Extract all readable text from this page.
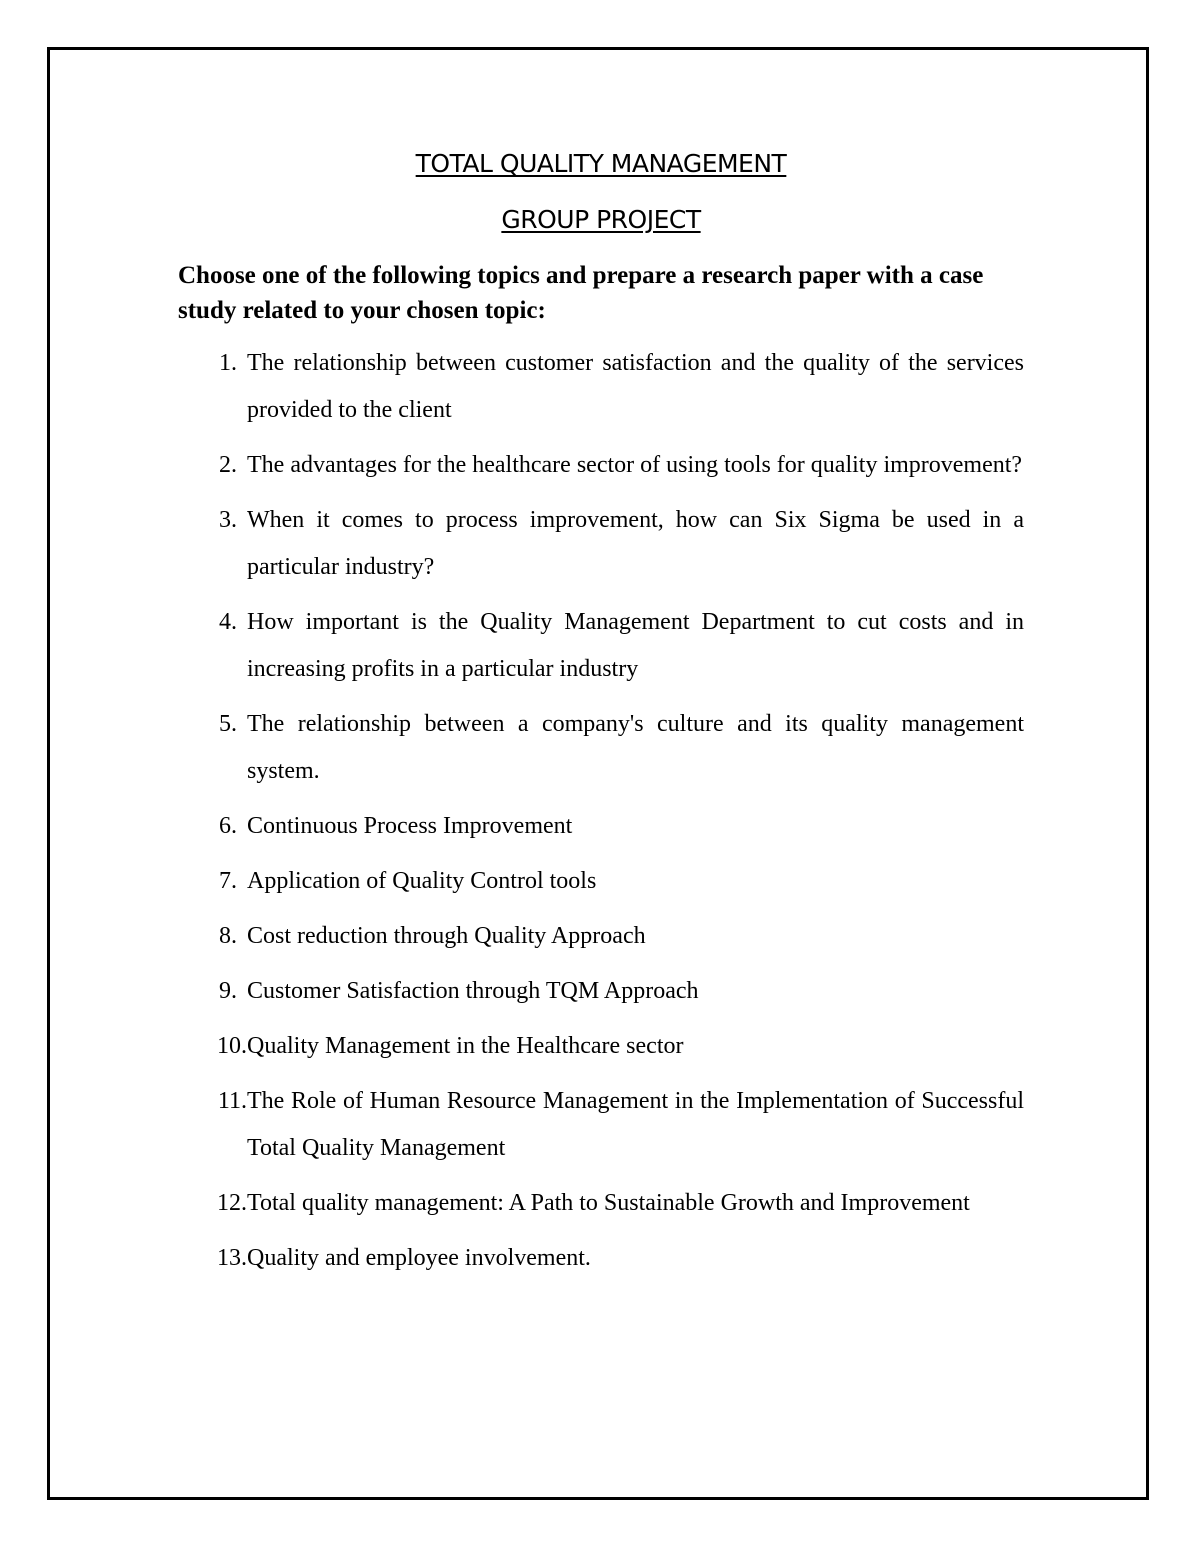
TOTAL QUALITY MANAGEMENT
GROUP PROJECT

Choose one of the following topics and prepare a research paper with a case study related to your chosen topic:

1. The relationship between customer satisfaction and the quality of the services provided to the client
2. The advantages for the healthcare sector of using tools for quality improvement?
3. When it comes to process improvement, how can Six Sigma be used in a particular industry?
4. How important is the Quality Management Department to cut costs and in increasing profits in a particular industry
5. The relationship between a company's culture and its quality management system.
6. Continuous Process Improvement
7. Application of Quality Control tools
8. Cost reduction through Quality Approach
9. Customer Satisfaction through TQM Approach
10. Quality Management in the Healthcare sector
11. The Role of Human Resource Management in the Implementation of Successful Total Quality Management
12. Total quality management: A Path to Sustainable Growth and Improvement
13. Quality and employee involvement.
